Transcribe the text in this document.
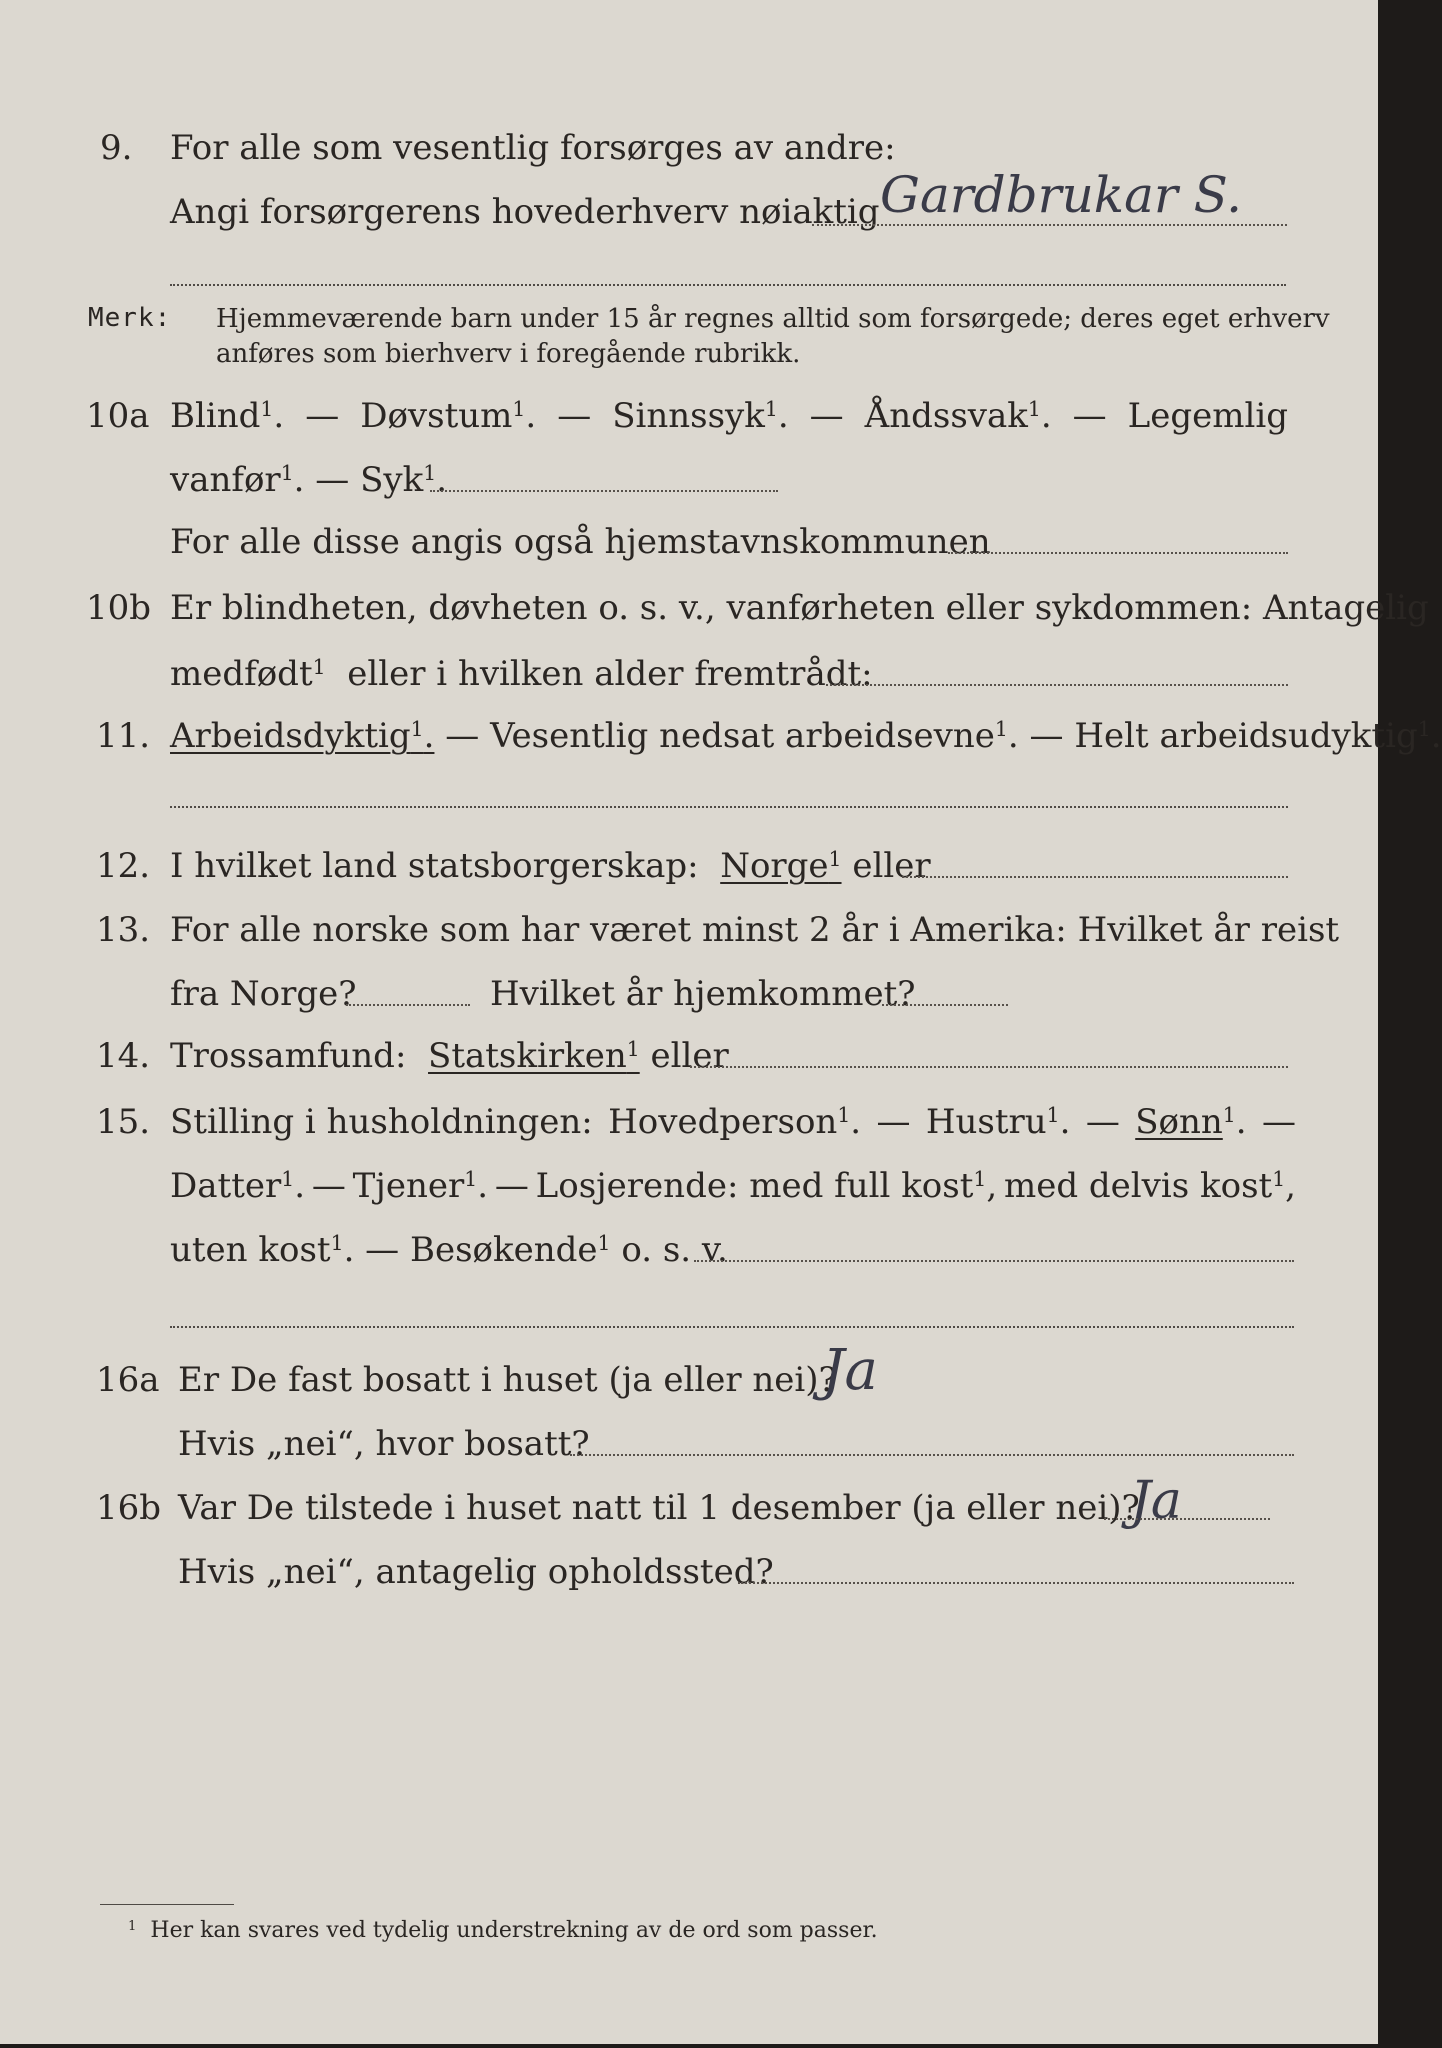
9. For alle som vesentlig forsørges av andre:
Angi forsørgerens hovederhverv nøiaktig Gardbrukar S.
Merk: Hjemmeværende barn under 15 år regnes alltid som forsørgede; deres eget erhverv
anføres som bierhverv i foregående rubrikk.
10a Blind$^1$. — Døvstum$^1$. — Sinnssyk$^1$. — Åndssvak$^1$. — Legemlig
vanfør$^1$. — Syk$^1$.
For alle disse angis også hjemstavnskommunen
10b Er blindheten, døvheten o. s. v., vanførheten eller sykdommen: Antagelig
medfødt$^1$ eller i hvilken alder fremtrådt:
11. Arbeidsdyktig$^1$. — Vesentlig nedsat arbeidsevne$^1$. — Helt arbeidsudyktig$^1$.
12. I hvilket land statsborgerskap: Norge$^1$ eller
13. For alle norske som har været minst 2 år i Amerika: Hvilket år reist
fra Norge?	Hvilket år hjemkommet?
14. Trossamfund: Statskirken$^1$ eller
15. Stilling i husholdningen: Hovedperson$^1$. — Hustru$^1$. — Sønn$^1$. —
Datter$^1$. — Tjener$^1$. — Losjerende: med full kost$^1$, med delvis kost$^1$,
uten kost$^1$. — Besøkende$^1$ o. s. v.
16a Er De fast bosatt i huset (ja eller nei)?
Ja
Hvis „nei“, hvor bosatt?
16b Var De tilstede i huset natt til 1 desember (ja eller nei)?
Ja
Hvis „nei“, antagelig opholdssted?
$^1$ Her kan svares ved tydelig understrekning av de ord som passer.
